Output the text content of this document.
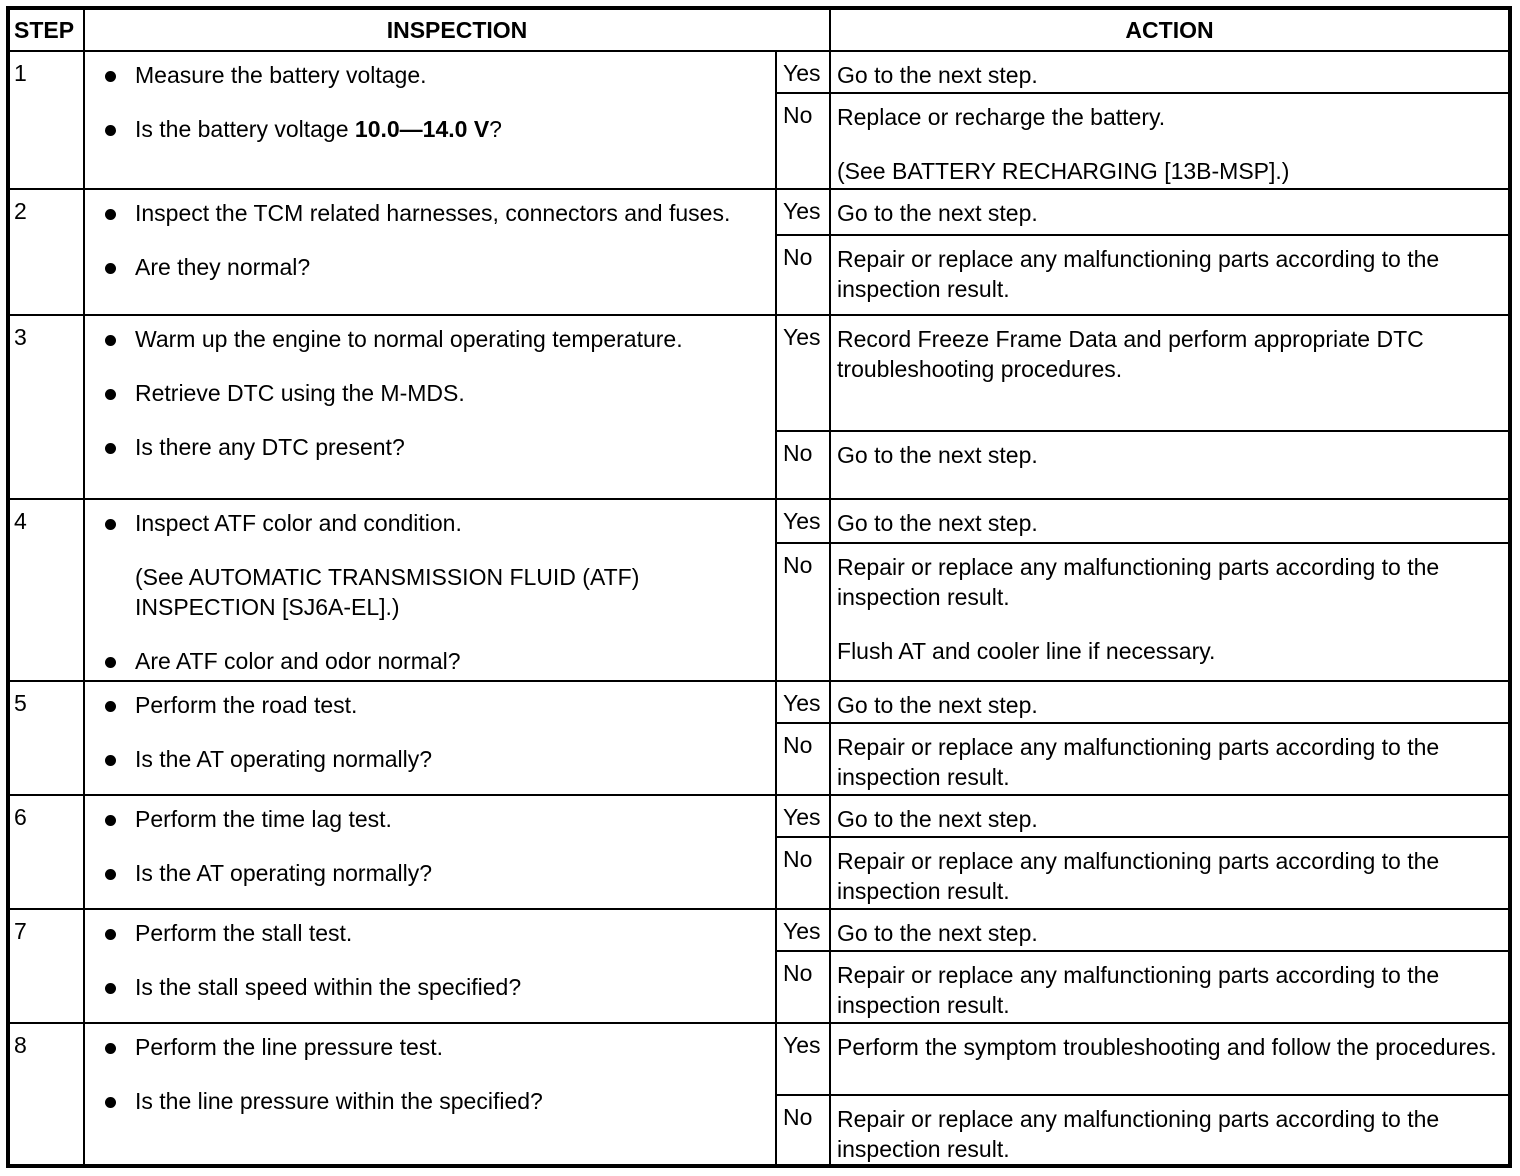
STEP	INSPECTION		ACTION
1	Measure the battery voltage.
Is the battery voltage 10.0—14.0 V?	Yes	Go to the next step.

		No	Replace or recharge the battery.
(See BATTERY RECHARGING [13B-MSP].)

2	Inspect the TCM related harnesses, connectors and fuses.
Are they normal?	Yes	Go to the next step.

		No	Repair or replace any malfunctioning parts according to the inspection result.

3	Warm up the engine to normal operating temperature.
Retrieve DTC using the M-MDS.
Is there any DTC present?	Yes	Record Freeze Frame Data and perform appropriate DTC troubleshooting procedures.

		No	Go to the next step.

4	Inspect ATF color and condition.
(See AUTOMATIC TRANSMISSION FLUID (ATF) INSPECTION [SJ6A-EL].)
Are ATF color and odor normal?	Yes	Go to the next step.

		No	Repair or replace any malfunctioning parts according to the inspection result.
Flush AT and cooler line if necessary.

5	Perform the road test.
Is the AT operating normally?	Yes	Go to the next step.

		No	Repair or replace any malfunctioning parts according to the inspection result.

6	Perform the time lag test.
Is the AT operating normally?	Yes	Go to the next step.

		No	Repair or replace any malfunctioning parts according to the inspection result.

7	Perform the stall test.
Is the stall speed within the specified?	Yes	Go to the next step.

		No	Repair or replace any malfunctioning parts according to the inspection result.

8	Perform the line pressure test.
Is the line pressure within the specified?	Yes	Perform the symptom troubleshooting and follow the procedures.

		No	Repair or replace any malfunctioning parts according to the inspection result.
